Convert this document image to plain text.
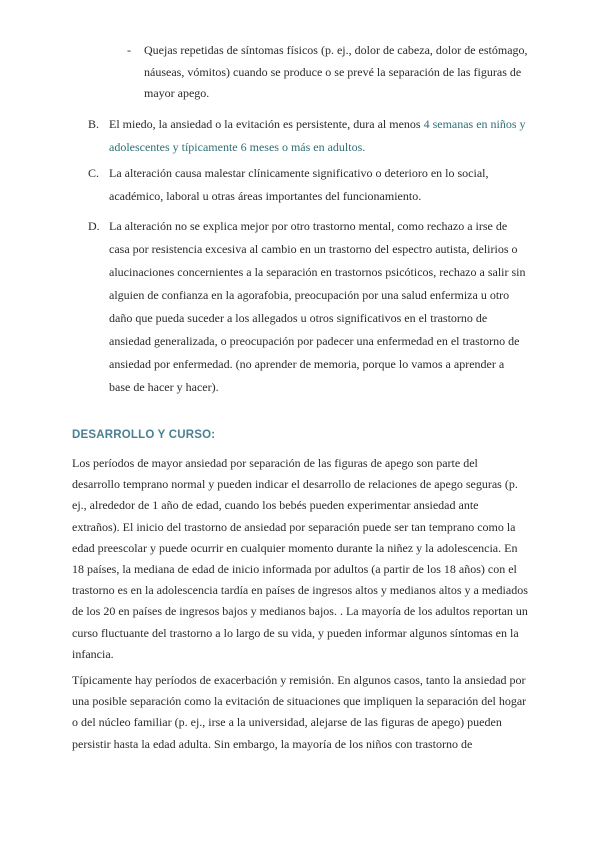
- Quejas repetidas de síntomas físicos (p. ej., dolor de cabeza, dolor de estómago, náuseas, vómitos) cuando se produce o se prevé la separación de las figuras de mayor apego.
B. El miedo, la ansiedad o la evitación es persistente, dura al menos 4 semanas en niños y adolescentes y típicamente 6 meses o más en adultos.
C. La alteración causa malestar clínicamente significativo o deterioro en lo social, académico, laboral u otras áreas importantes del funcionamiento.
D. La alteración no se explica mejor por otro trastorno mental, como rechazo a irse de casa por resistencia excesiva al cambio en un trastorno del espectro autista, delirios o alucinaciones concernientes a la separación en trastornos psicóticos, rechazo a salir sin alguien de confianza en la agorafobia, preocupación por una salud enfermiza u otro daño que pueda suceder a los allegados u otros significativos en el trastorno de ansiedad generalizada, o preocupación por padecer una enfermedad en el trastorno de ansiedad por enfermedad. (no aprender de memoria, porque lo vamos a aprender a base de hacer y hacer).
DESARROLLO Y CURSO:

Los períodos de mayor ansiedad por separación de las figuras de apego son parte del desarrollo temprano normal y pueden indicar el desarrollo de relaciones de apego seguras (p. ej., alrededor de 1 año de edad, cuando los bebés pueden experimentar ansiedad ante extraños). El inicio del trastorno de ansiedad por separación puede ser tan temprano como la edad preescolar y puede ocurrir en cualquier momento durante la niñez y la adolescencia. En 18 países, la mediana de edad de inicio informada por adultos (a partir de los 18 años) con el trastorno es en la adolescencia tardía en países de ingresos altos y medianos altos y a mediados de los 20 en países de ingresos bajos y medianos bajos. . La mayoría de los adultos reportan un curso fluctuante del trastorno a lo largo de su vida, y pueden informar algunos síntomas en la infancia.

Típicamente hay períodos de exacerbación y remisión. En algunos casos, tanto la ansiedad por una posible separación como la evitación de situaciones que impliquen la separación del hogar o del núcleo familiar (p. ej., irse a la universidad, alejarse de las figuras de apego) pueden persistir hasta la edad adulta. Sin embargo, la mayoría de los niños con trastorno de
